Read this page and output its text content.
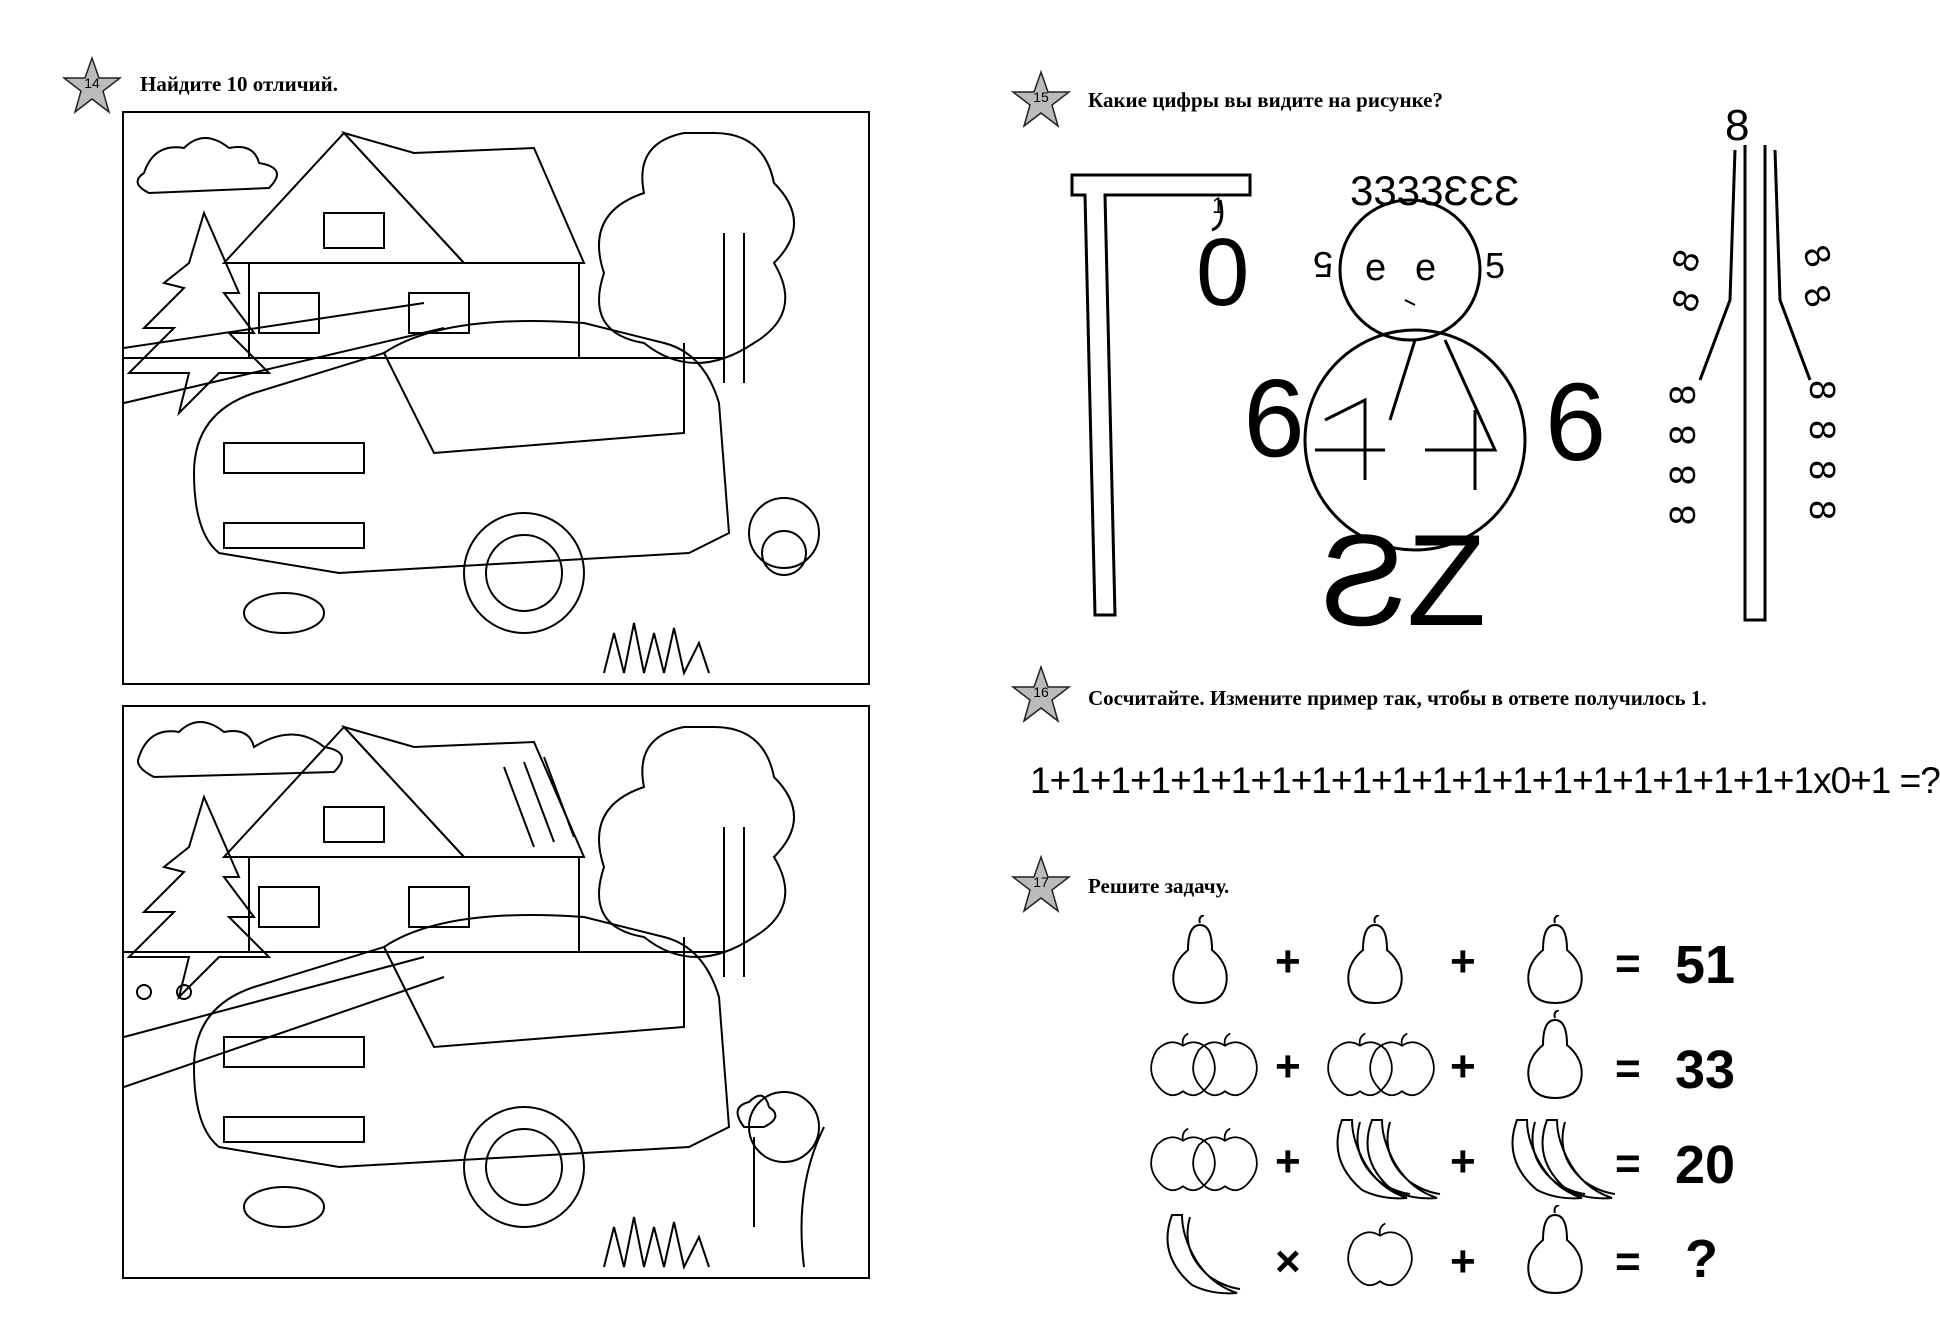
14	Найдите 10 отличий.
15	Какие цифры вы видите на рисунке?
1
0
3333ƐƐƐ
e e
5	5
9 6
ƧZ
8
8
8
8
8
8
8
8
8
8
8
8
8
16	Сосчитайте. Измените пример так, чтобы в ответе получилось 1.
1+1+1+1+1+1+1+1+1+1+1+1+1+1+1+1+1+1+1+1x0+1 =?
17	Решите задачу.
+	+	= 51
+	+	= 33
+	+	= 20
×	+	= ?
